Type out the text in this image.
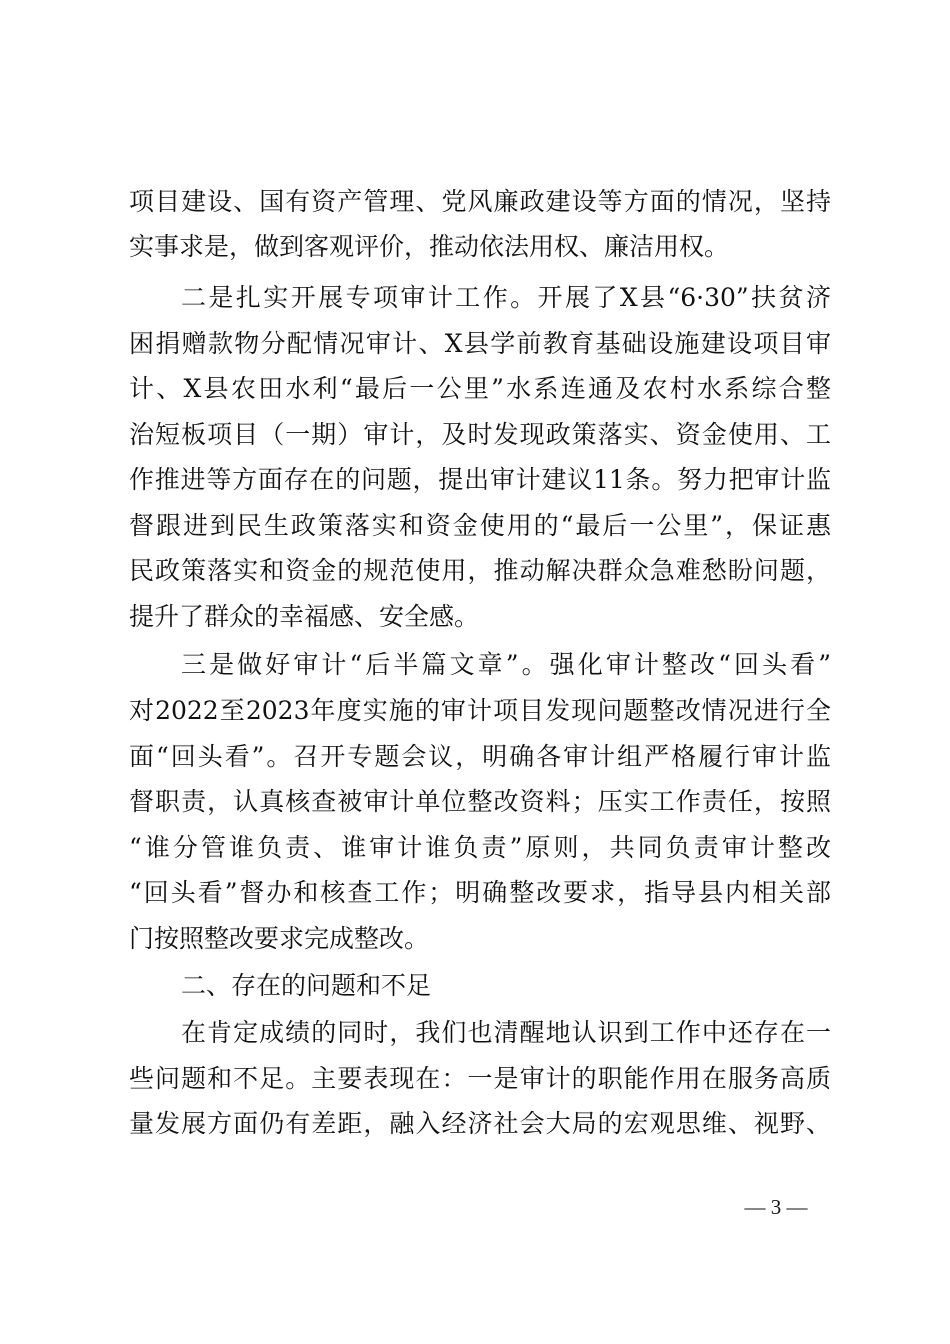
项目建设、国有资产管理、党风廉政建设等方面的情况，坚持
实事求是，做到客观评价，推动依法用权、廉洁用权。
二是扎实开展专项审计工作。开展了X县“6·30”扶贫济
困捐赠款物分配情况审计、X县学前教育基础设施建设项目审
计、X县农田水利“最后一公里”水系连通及农村水系综合整
治短板项目（一期）审计，及时发现政策落实、资金使用、工
作推进等方面存在的问题，提出审计建议11条。努力把审计监
督跟进到民生政策落实和资金使用的“最后一公里”，保证惠
民政策落实和资金的规范使用，推动解决群众急难愁盼问题，
提升了群众的幸福感、安全感。
三是做好审计“后半篇文章”。强化审计整改“回头看”
对2022至2023年度实施的审计项目发现问题整改情况进行全
面“回头看”。召开专题会议，明确各审计组严格履行审计监
督职责，认真核查被审计单位整改资料；压实工作责任，按照
“谁分管谁负责、谁审计谁负责”原则，共同负责审计整改
“回头看”督办和核查工作；明确整改要求，指导县内相关部
门按照整改要求完成整改。
二、存在的问题和不足
在肯定成绩的同时，我们也清醒地认识到工作中还存在一
些问题和不足。主要表现在：一是审计的职能作用在服务高质
量发展方面仍有差距，融入经济社会大局的宏观思维、视野、
— 3 —
